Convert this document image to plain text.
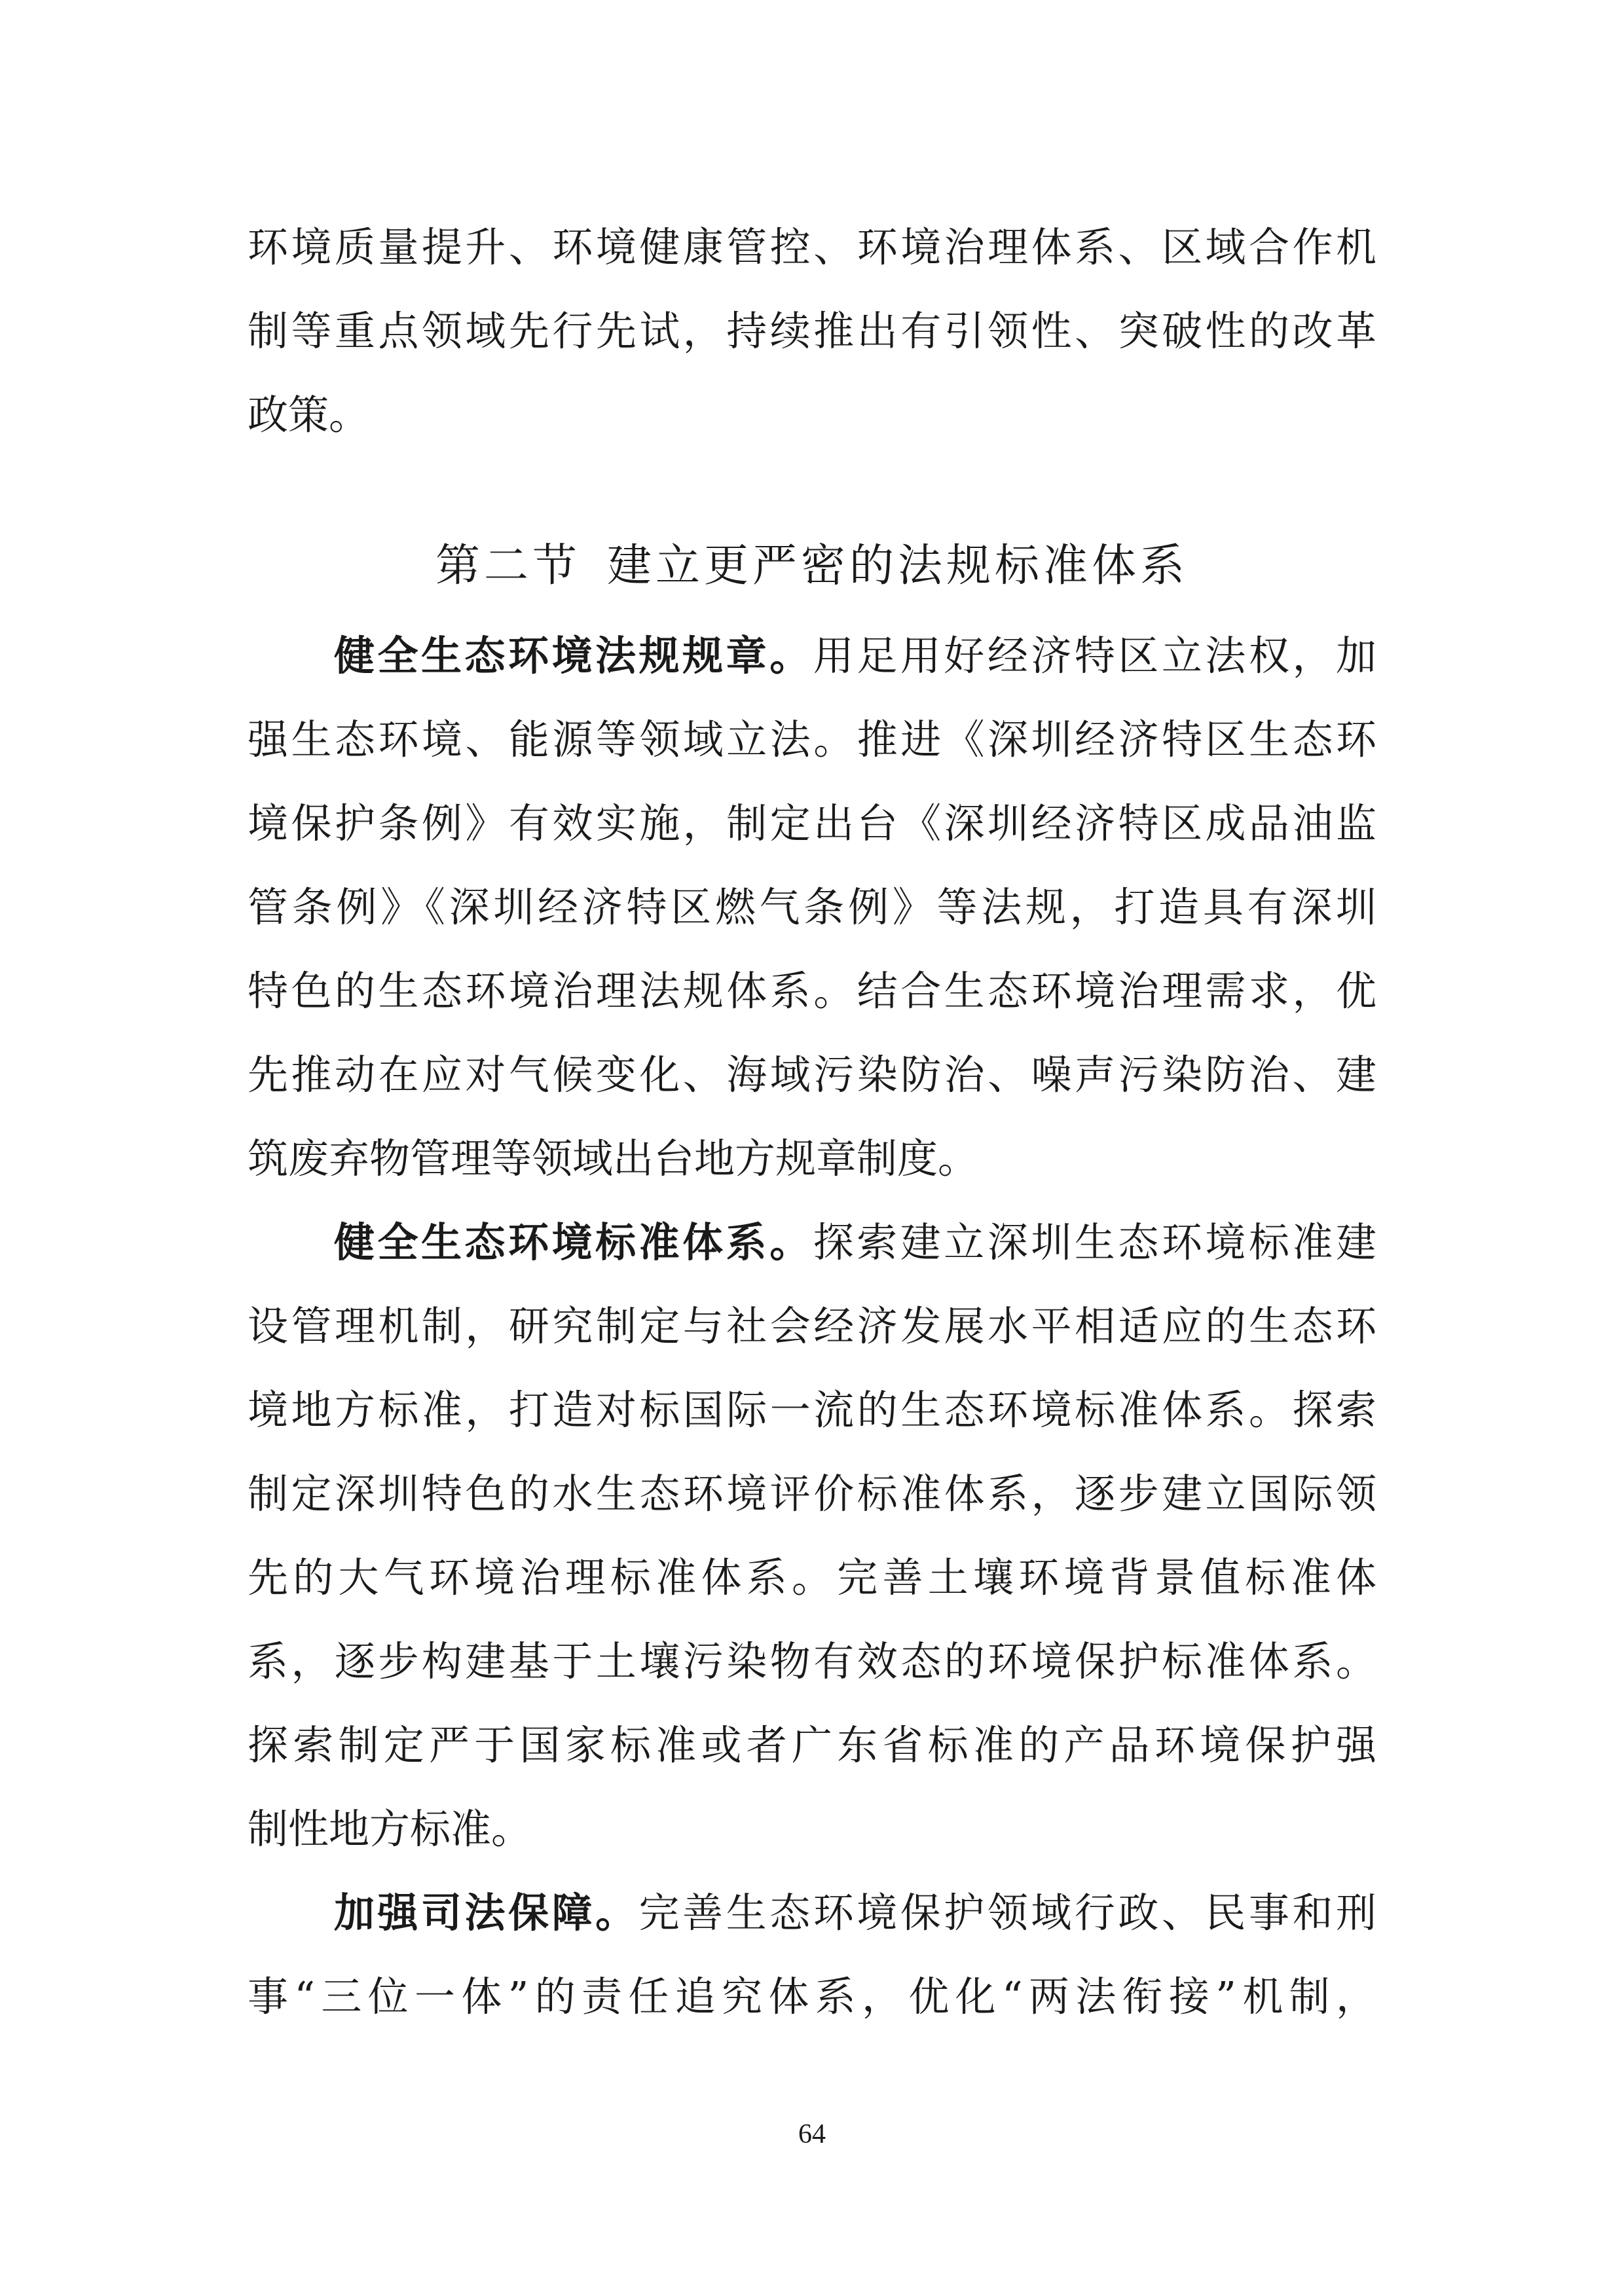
环境质量提升、环境健康管控、环境治理体系、区域合作机
制等重点领域先行先试，持续推出有引领性、突破性的改革
政策。
第二节 建立更严密的法规标准体系
健全生态环境法规规章。用足用好经济特区立法权，加
强生态环境、能源等领域立法。推进《深圳经济特区生态环
境保护条例》有效实施，制定出台《深圳经济特区成品油监
管条例》《深圳经济特区燃气条例》等法规，打造具有深圳
特色的生态环境治理法规体系。结合生态环境治理需求，优
先推动在应对气候变化、海域污染防治、噪声污染防治、建
筑废弃物管理等领域出台地方规章制度。
健全生态环境标准体系。探索建立深圳生态环境标准建
设管理机制，研究制定与社会经济发展水平相适应的生态环
境地方标准，打造对标国际一流的生态环境标准体系。探索
制定深圳特色的水生态环境评价标准体系，逐步建立国际领
先的大气环境治理标准体系。完善土壤环境背景值标准体
系，逐步构建基于土壤污染物有效态的环境保护标准体系。
探索制定严于国家标准或者广东省标准的产品环境保护强
制性地方标准。
加强司法保障。完善生态环境保护领域行政、民事和刑
事“三位一体”的责任追究体系，优化“两法衔接”机制，
64
